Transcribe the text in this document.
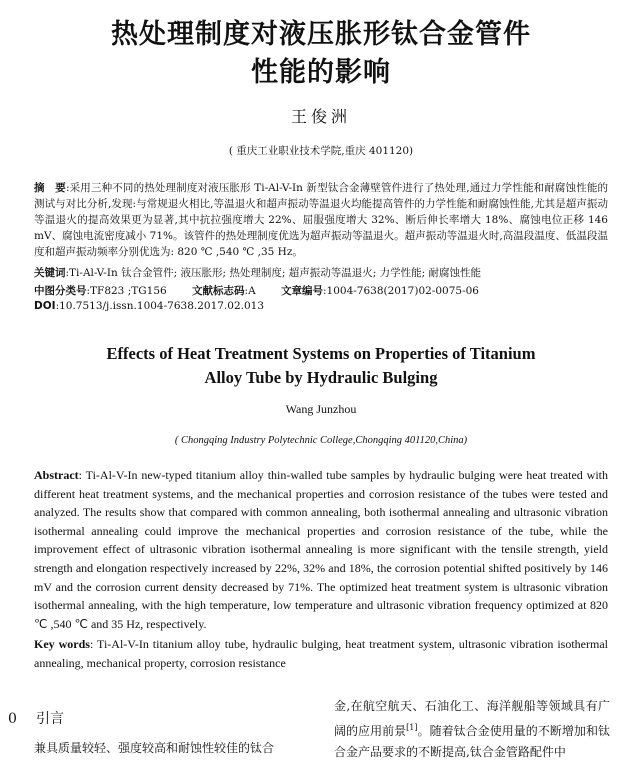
热处理制度对液压胀形钛合金管件
性能的影响
王俊洲
( 重庆工业职业技术学院,重庆 401120)
摘　要:采用三种不同的热处理制度对液压胀形 Ti-Al-V-In 新型钛合金薄壁管件进行了热处理,通过力学性能和耐腐蚀性能的测试与对比分析,发现:与常规退火相比,等温退火和超声振动等温退火均能提高管件的力学性能和耐腐蚀性能,尤其是超声振动等温退火的提高效果更为显著,其中抗拉强度增大 22%、屈服强度增大 32%、断后伸长率增大 18%、腐蚀电位正移 146 mV、腐蚀电流密度减小 71%。该管件的热处理制度优选为超声振动等温退火。超声振动等温退火时,高温段温度、低温段温度和超声振动频率分别优选为: 820 ℃ ,540 ℃ ,35 Hz。
关键词:Ti-Al-V-In 钛合金管件; 液压胀形; 热处理制度; 超声振动等温退火; 力学性能; 耐腐蚀性能
中图分类号:TF823 ;TG156 文献标志码:A 文章编号:1004-7638(2017)02-0075-06
DOI:10.7513/j.issn.1004-7638.2017.02.013
Effects of Heat Treatment Systems on Properties of Titanium
Alloy Tube by Hydraulic Bulging
Wang Junzhou
( Chongqing Industry Polytechnic College,Chongqing 401120,China)
Abstract: Ti-Al-V-In new-typed titanium alloy thin-walled tube samples by hydraulic bulging were heat treated with different heat treatment systems, and the mechanical properties and corrosion resistance of the tubes were tested and analyzed. The results show that compared with common annealing, both isothermal annealing and ultrasonic vibration isothermal annealing could improve the mechanical properties and corrosion resistance of the tube, while the improvement effect of ultrasonic vibration isothermal annealing is more significant with the tensile strength, yield strength and elongation respectively increased by 22%, 32% and 18%, the corrosion potential shifted positively by 146 mV and the corrosion current density decreased by 71%. The optimized heat treatment system is ultrasonic vibration isothermal annealing, with the high temperature, low temperature and ultrasonic vibration frequency optimized at 820 ℃ ,540 ℃ and 35 Hz, respectively.
Key words: Ti-Al-V-In titanium alloy tube, hydraulic bulging, heat treatment system, ultrasonic vibration isothermal annealing, mechanical property, corrosion resistance
0 引言
兼具质量较轻、强度较高和耐蚀性较佳的钛合
金,在航空航天、石油化工、海洋舰船等领域具有广阔的应用前景[1]。随着钛合金使用量的不断增加和钛合金产品要求的不断提高,钛合金管路配件中
